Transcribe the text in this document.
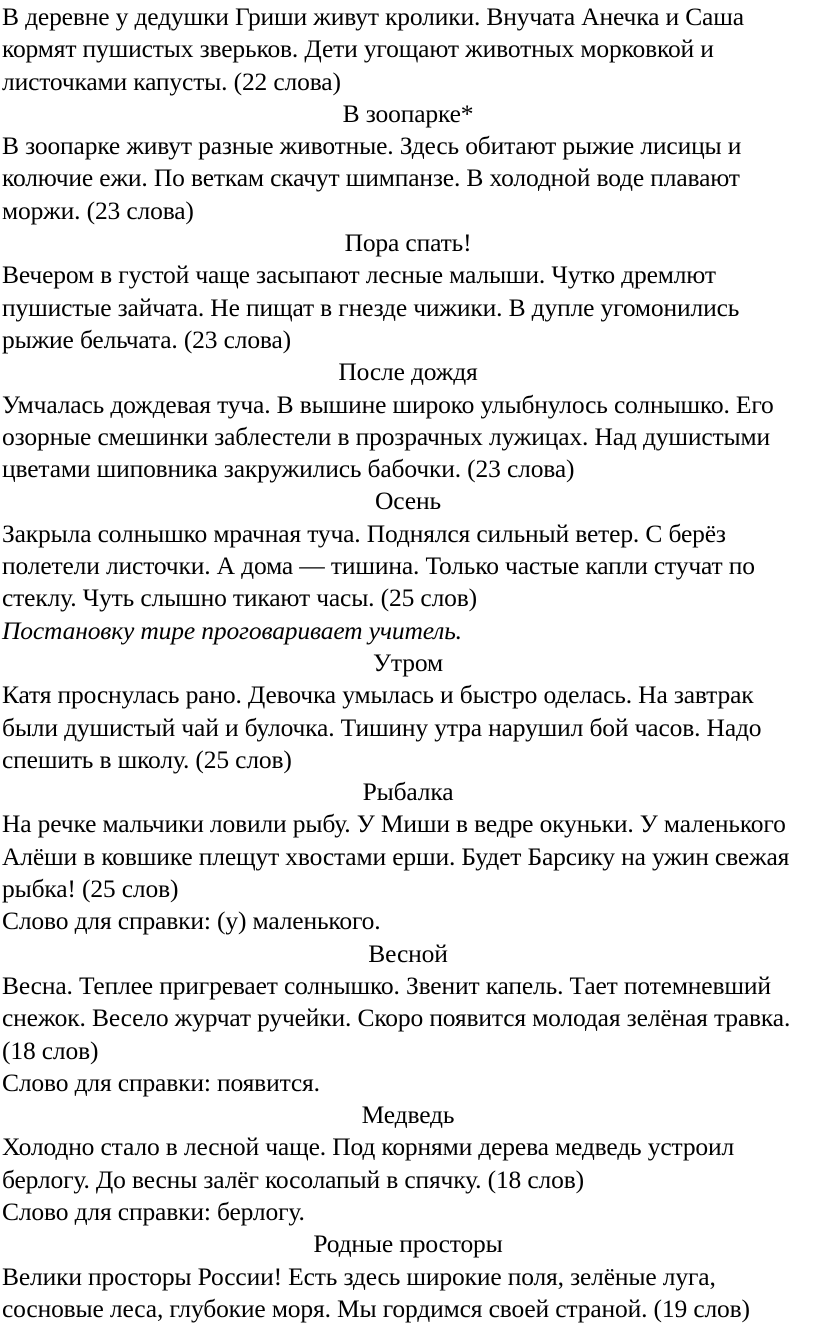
В деревне у дедушки Гриши живут кролики. Внучата Анечка и Саша кормят пушистых зверьков. Дети угощают животных морковкой и листочками капусты. (22 слова)

В зоопарке*

В зоопарке живут разные животные. Здесь обитают рыжие лисицы и колючие ежи. По веткам скачут шимпанзе. В холодной воде плавают моржи. (23 слова)

Пора спать!

Вечером в густой чаще засыпают лесные малыши. Чутко дремлют пушистые зайчата. Не пищат в гнезде чижики. В дупле угомонились рыжие бельчата. (23 слова)

После дождя

Умчалась дождевая туча. В вышине широко улыбнулось солнышко. Его озорные смешинки заблестели в прозрачных лужицах. Над душистыми цветами шиповника закружились бабочки. (23 слова)

Осень

Закрыла солнышко мрачная туча. Поднялся сильный ветер. С берёз полетели листочки. А дома — тишина. Только частые капли стучат по стеклу. Чуть слышно тикают часы. (25 слов)

Постановку тире проговаривает учитель.

Утром

Катя проснулась рано. Девочка умылась и быстро оделась. На завтрак были душистый чай и булочка. Тишину утра нарушил бой часов. Надо спешить в школу. (25 слов)

Рыбалка

На речке мальчики ловили рыбу. У Миши в ведре окуньки. У маленького Алёши в ковшике плещут хвостами ерши. Будет Барсику на ужин свежая рыбка! (25 слов)

Слово для справки: (у) маленького.

Весной

Весна. Теплее пригревает солнышко. Звенит капель. Тает потемневший снежок. Весело журчат ручейки. Скоро появится молодая зелёная травка. (18 слов)

Слово для справки: появится.

Медведь

Холодно стало в лесной чаще. Под корнями дерева медведь устроил берлогу. До весны залёг косолапый в спячку. (18 слов)

Слово для справки: берлогу.

Родные просторы

Велики просторы России! Есть здесь широкие поля, зелёные луга, сосновые леса, глубокие моря. Мы гордимся своей страной. (19 слов)
